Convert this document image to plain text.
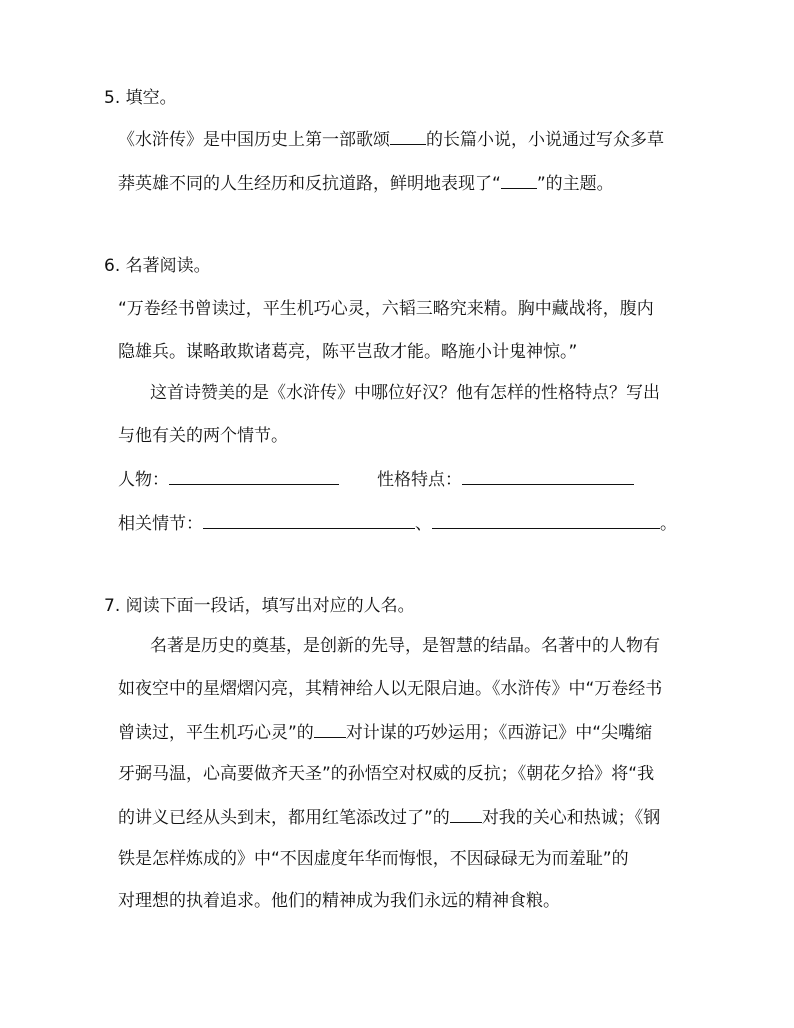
5. 填空。
《水浒传》是中国历史上第一部歌颂 的长篇小说，小说通过写众多草
莽英雄不同的人生经历和反抗道路，鲜明地表现了“ ”的主题。
6. 名著阅读。
“万卷经书曾读过，平生机巧心灵，六韬三略究来精。胸中藏战将，腹内
隐雄兵。谋略敢欺诸葛亮，陈平岂敌才能。略施小计鬼神惊。”
这首诗赞美的是《水浒传》中哪位好汉？他有怎样的性格特点？写出
与他有关的两个情节。
人物：	性格特点：
相关情节：	、	。
7. 阅读下面一段话，填写出对应的人名。
名著是历史的奠基，是创新的先导，是智慧的结晶。名著中的人物有
如夜空中的星熠熠闪亮，其精神给人以无限启迪。《水浒传》中“万卷经书
曾读过，平生机巧心灵”的 对计谋的巧妙运用；《西游记》中“尖嘴缩
牙弼马温，心高要做齐天圣”的孙悟空对权威的反抗；《朝花夕拾》将“我
的讲义已经从头到末，都用红笔添改过了”的 对我的关心和热诚；《钢
铁是怎样炼成的》中“不因虚度年华而悔恨，不因碌碌无为而羞耻”的
对理想的执着追求。他们的精神成为我们永远的精神食粮。
